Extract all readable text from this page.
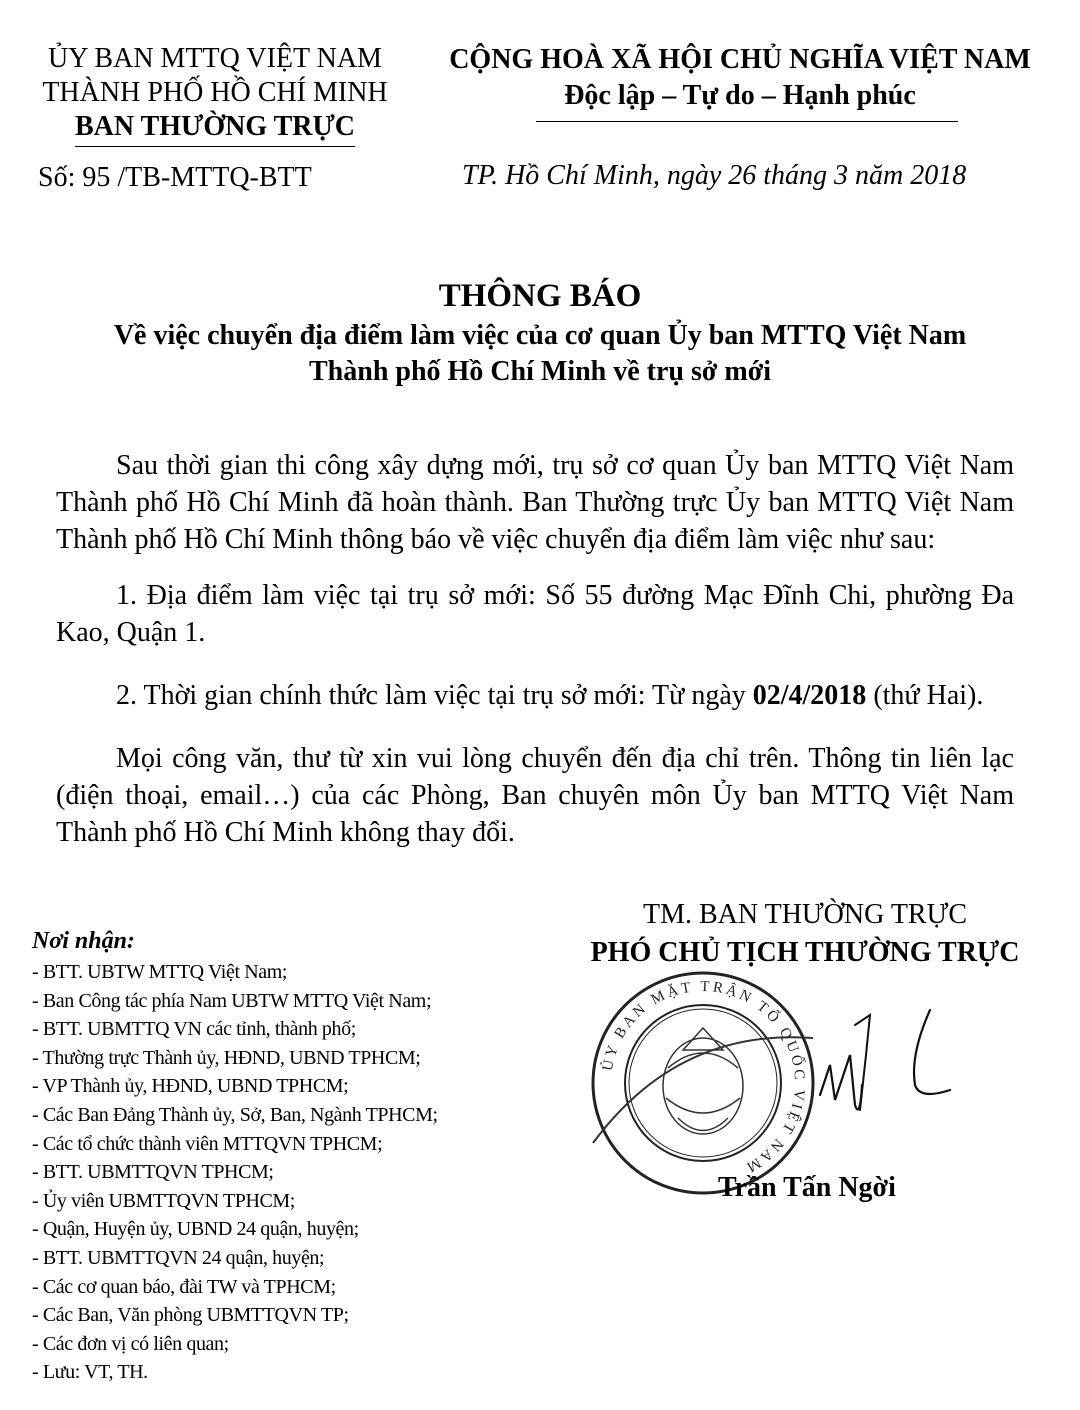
ỦY BAN MTTQ VIỆT NAM
THÀNH PHỐ HỒ CHÍ MINH
BAN THƯỜNG TRỰC
Số: 95 /TB-MTTQ-BTT
CỘNG HOÀ XÃ HỘI CHỦ NGHĨA VIỆT NAM
Độc lập – Tự do – Hạnh phúc
TP. Hồ Chí Minh, ngày 26 tháng 3 năm 2018
THÔNG BÁO
Về việc chuyển địa điểm làm việc của cơ quan Ủy ban MTTQ Việt Nam
Thành phố Hồ Chí Minh về trụ sở mới
Sau thời gian thi công xây dựng mới, trụ sở cơ quan Ủy ban MTTQ Việt Nam Thành phố Hồ Chí Minh đã hoàn thành. Ban Thường trực Ủy ban MTTQ Việt Nam Thành phố Hồ Chí Minh thông báo về việc chuyển địa điểm làm việc như sau:
1. Địa điểm làm việc tại trụ sở mới: Số 55 đường Mạc Đĩnh Chi, phường Đa Kao, Quận 1.
2. Thời gian chính thức làm việc tại trụ sở mới: Từ ngày 02/4/2018 (thứ Hai).
Mọi công văn, thư từ xin vui lòng chuyển đến địa chỉ trên. Thông tin liên lạc (điện thoại, email…) của các Phòng, Ban chuyên môn Ủy ban MTTQ Việt Nam Thành phố Hồ Chí Minh không thay đổi.
TM. BAN THƯỜNG TRỰC
PHÓ CHỦ TỊCH THƯỜNG TRỰC
ỦY BAN MẶT TRẬN TỔ QUỐC VIỆT NAM
Trần Tấn Ngời
Nơi nhận:
- BTT. UBTW MTTQ Việt Nam;
- Ban Công tác phía Nam UBTW MTTQ Việt Nam;
- BTT. UBMTTQ VN các tỉnh, thành phố;
- Thường trực Thành ủy, HĐND, UBND TPHCM;
- VP Thành ủy, HĐND, UBND TPHCM;
- Các Ban Đảng Thành ủy, Sở, Ban, Ngành TPHCM;
- Các tổ chức thành viên MTTQVN TPHCM;
- BTT. UBMTTQVN TPHCM;
- Ủy viên UBMTTQVN TPHCM;
- Quận, Huyện ủy, UBND 24 quận, huyện;
- BTT. UBMTTQVN 24 quận, huyện;
- Các cơ quan báo, đài TW và TPHCM;
- Các Ban, Văn phòng UBMTTQVN TP;
- Các đơn vị có liên quan;
- Lưu: VT, TH.
